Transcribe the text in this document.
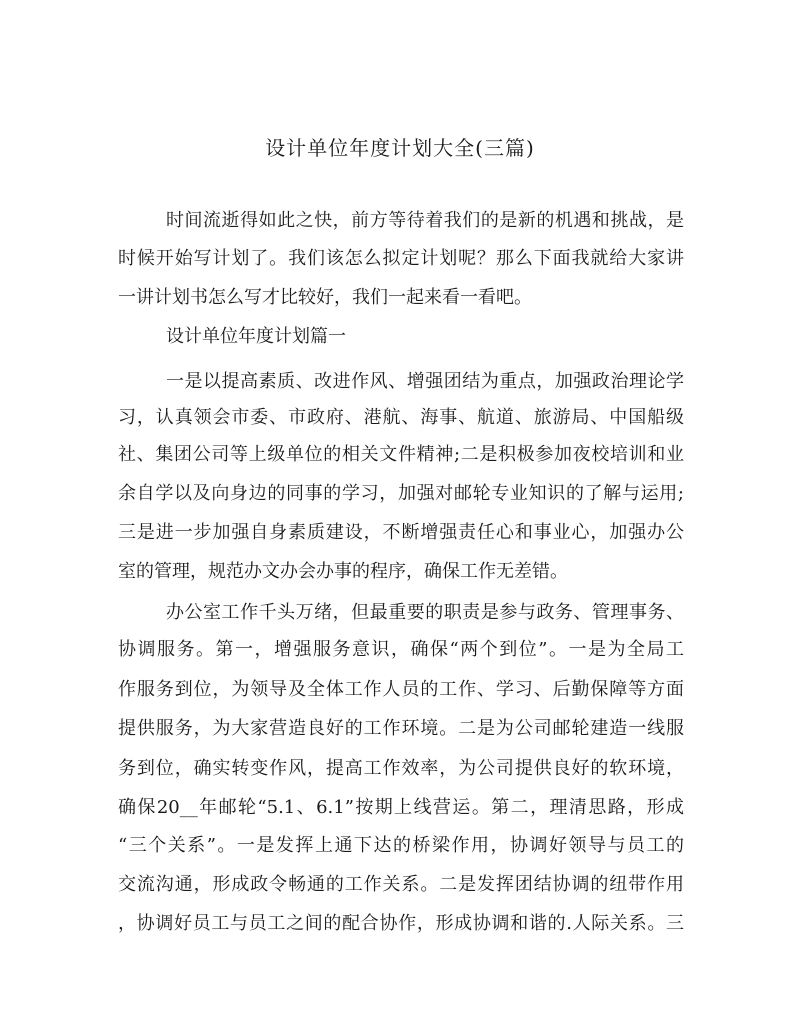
设计单位年度计划大全(三篇)
时间流逝得如此之快，前方等待着我们的是新的机遇和挑战，是
时候开始写计划了。我们该怎么拟定计划呢？那么下面我就给大家讲
一讲计划书怎么写才比较好，我们一起来看一看吧。
设计单位年度计划篇一
一是以提高素质、改进作风、增强团结为重点，加强政治理论学
习，认真领会市委、市政府、港航、海事、航道、旅游局、中国船级
社、集团公司等上级单位的相关文件精神;二是积极参加夜校培训和业
余自学以及向身边的同事的学习，加强对邮轮专业知识的了解与运用;
三是进一步加强自身素质建设，不断增强责任心和事业心，加强办公
室的管理，规范办文办会办事的程序，确保工作无差错。
办公室工作千头万绪，但最重要的职责是参与政务、管理事务、
协调服务。第一，增强服务意识，确保“两个到位”。一是为全局工
作服务到位，为领导及全体工作人员的工作、学习、后勤保障等方面
提供服务，为大家营造良好的工作环境。二是为公司邮轮建造一线服
务到位，确实转变作风，提高工作效率，为公司提供良好的软环境，
确保20__年邮轮“5.1、6.1”按期上线营运。第二，理清思路，形成
“三个关系”。一是发挥上通下达的桥梁作用，协调好领导与员工的
交流沟通，形成政令畅通的工作关系。二是发挥团结协调的纽带作用
，协调好员工与员工之间的配合协作，形成协调和谐的.人际关系。三
